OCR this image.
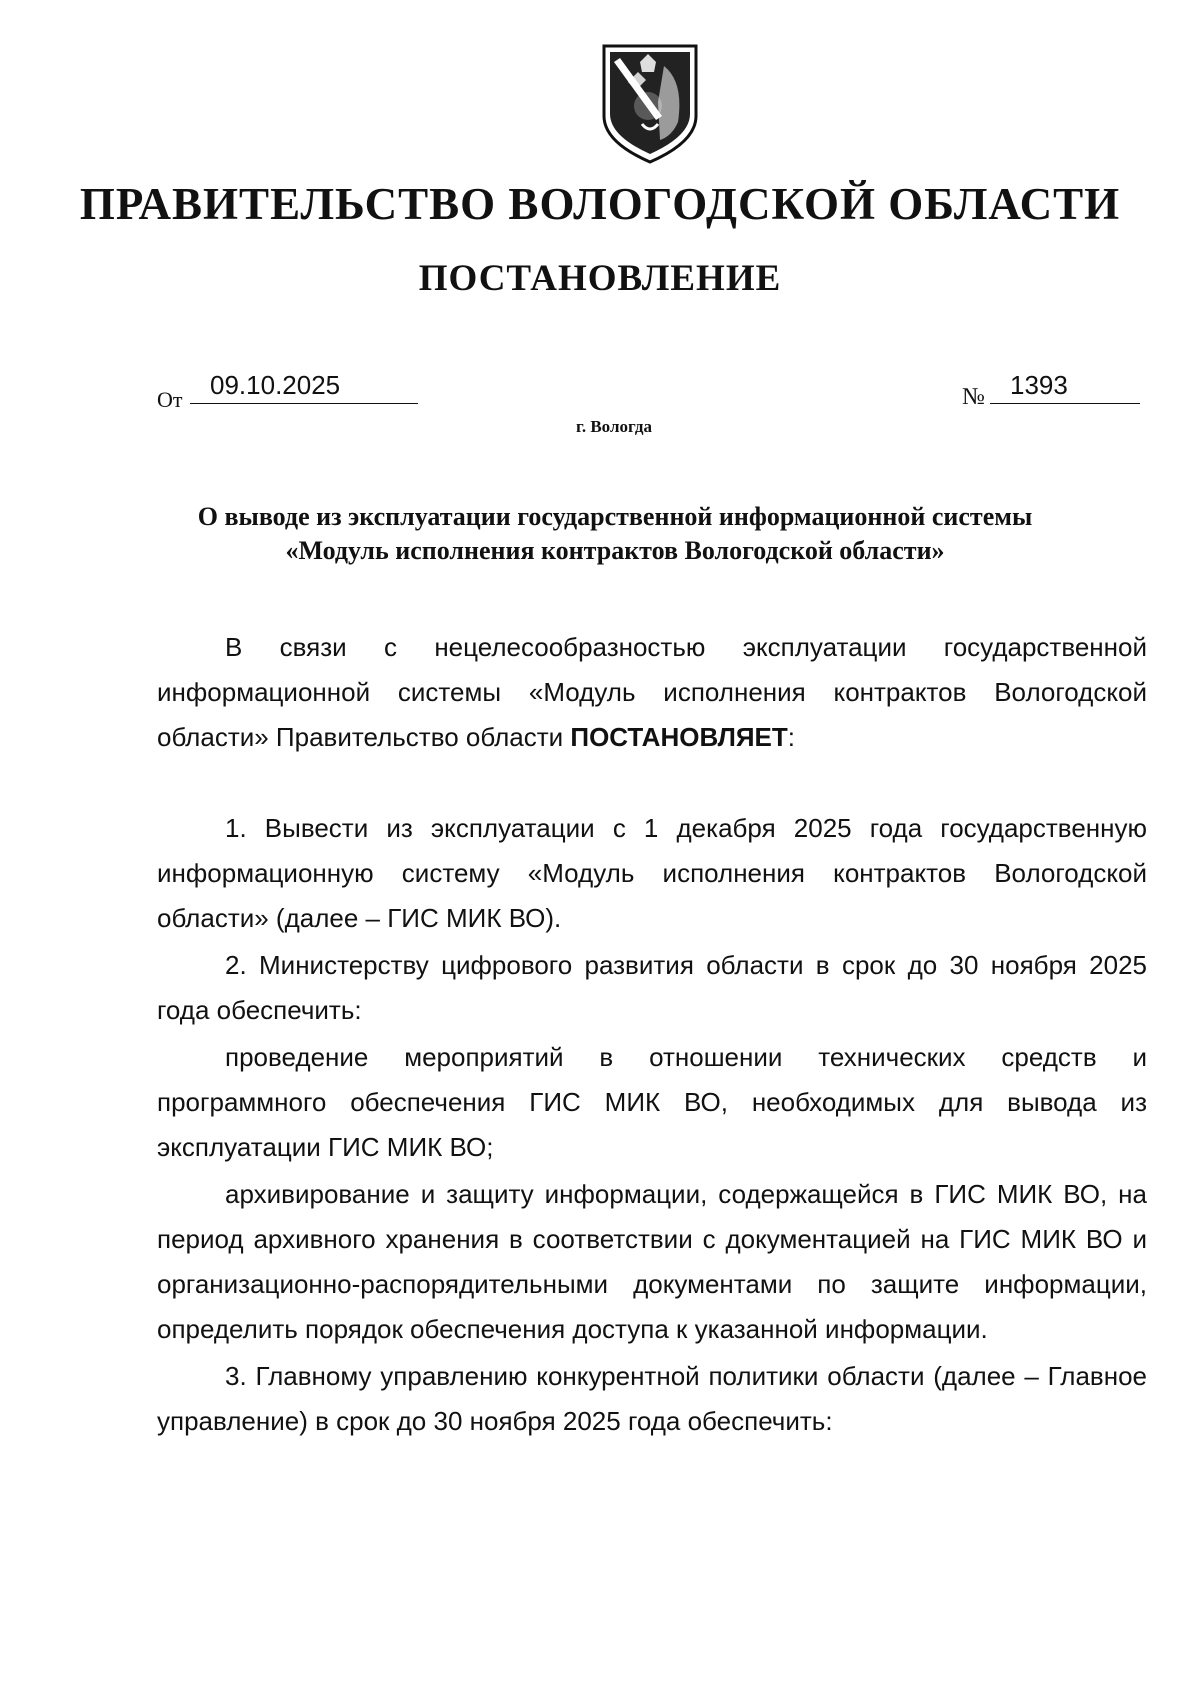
ПРАВИТЕЛЬСТВО ВОЛОГОДСКОЙ ОБЛАСТИ
ПОСТАНОВЛЕНИЕ
От	09.10.2025	№ 1393
г. Вологда
О выводе из эксплуатации государственной информационной системы
«Модуль исполнения контрактов Вологодской области»

В связи с нецелесообразностью эксплуатации государственной информационной системы «Модуль исполнения контрактов Вологодской области» Правительство области ПОСТАНОВЛЯЕТ:

1. Вывести из эксплуатации с 1 декабря 2025 года государственную информационную систему «Модуль исполнения контрактов Вологодской области» (далее – ГИС МИК ВО).

2. Министерству цифрового развития области в срок до 30 ноября 2025 года обеспечить:

проведение мероприятий в отношении технических средств и программного обеспечения ГИС МИК ВО, необходимых для вывода из эксплуатации ГИС МИК ВО;

архивирование и защиту информации, содержащейся в ГИС МИК ВО, на период архивного хранения в соответствии с документацией на ГИС МИК ВО и организационно-распорядительными документами по защите информации, определить порядок обеспечения доступа к указанной информации.

3. Главному управлению конкурентной политики области (далее – Главное управление) в срок до 30 ноября 2025 года обеспечить:
